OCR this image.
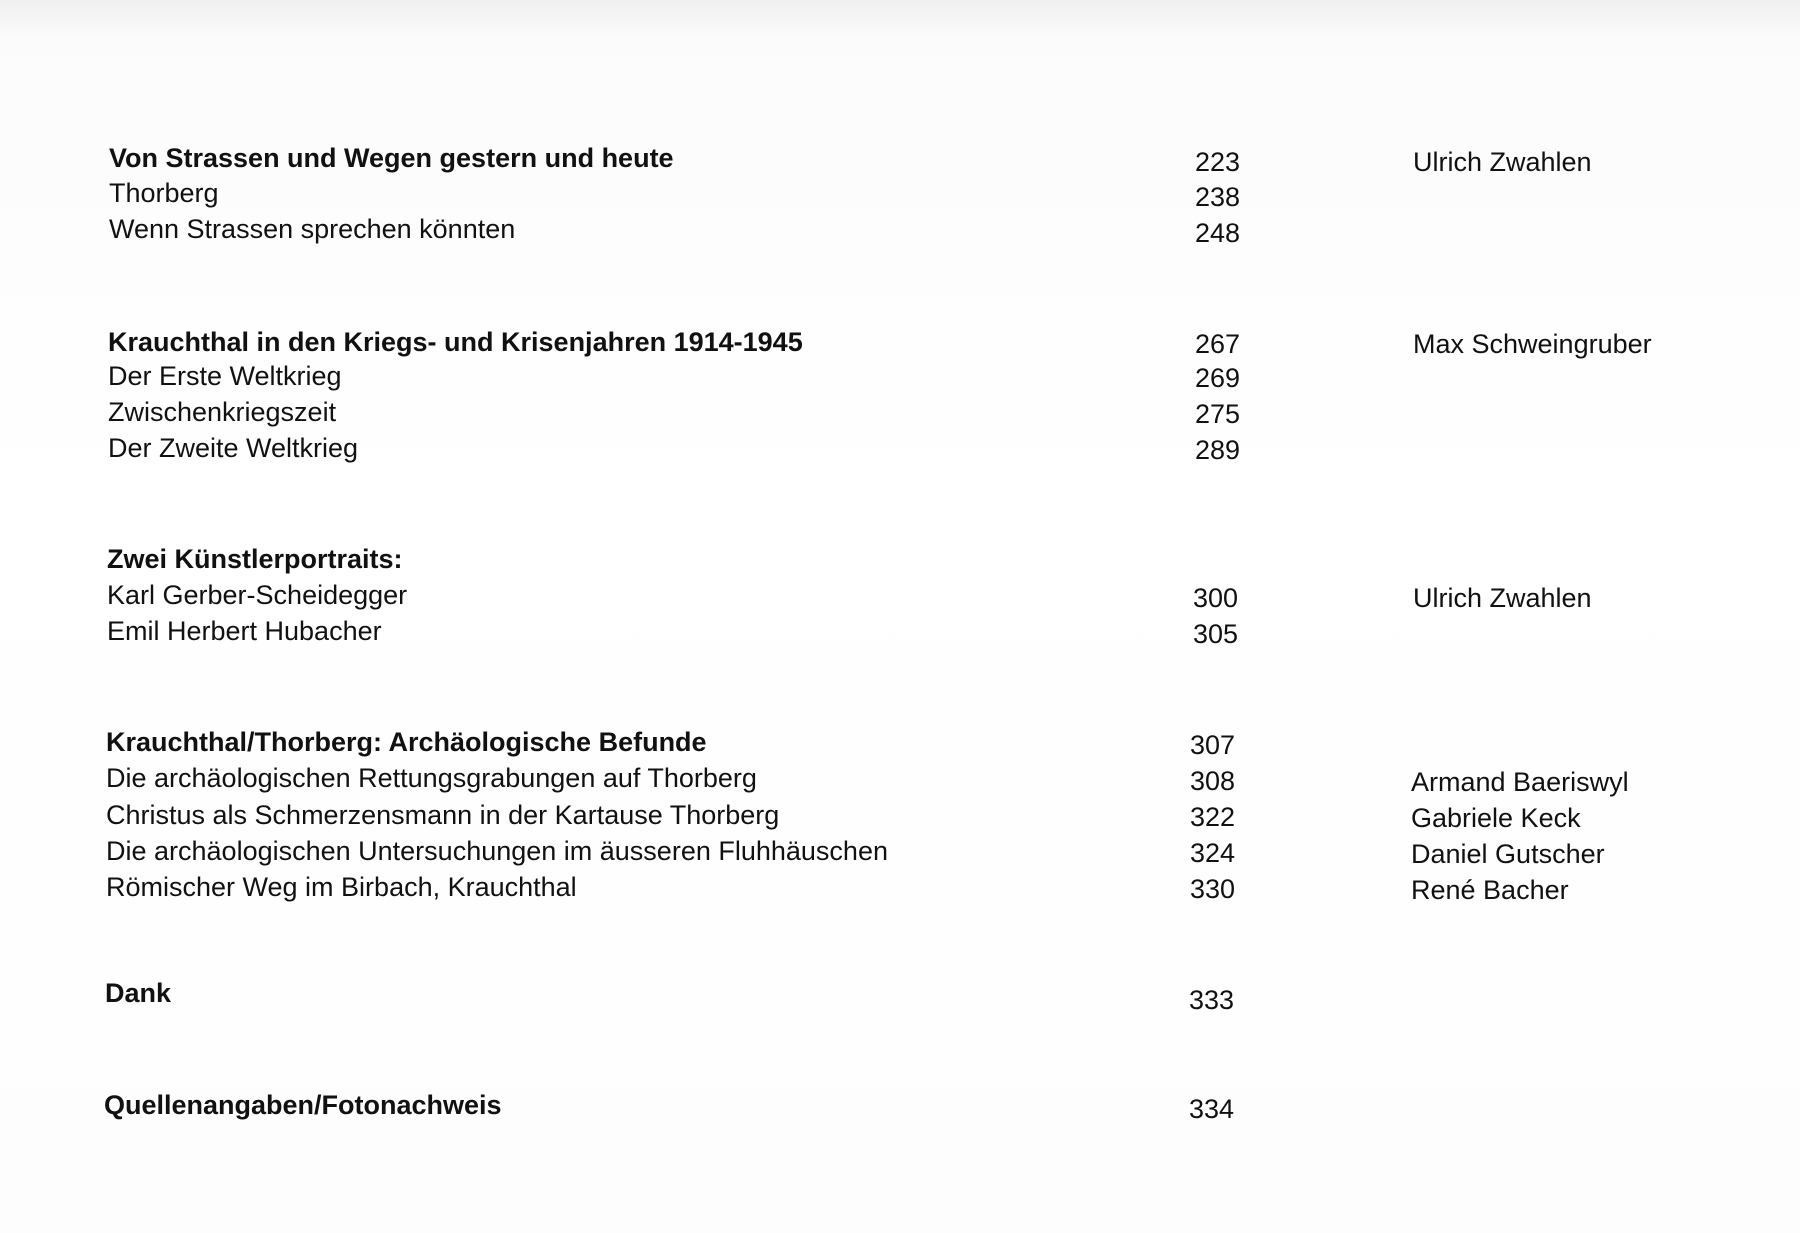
Von Strassen und Wegen gestern und heute	223	Ulrich Zwahlen
Thorberg	238
Wenn Strassen sprechen könnten	248
Krauchthal in den Kriegs- und Krisenjahren 1914-1945	267	Max Schweingruber
Der Erste Weltkrieg	269
Zwischenkriegszeit	275
Der Zweite Weltkrieg	289
Zwei Künstlerportraits:
Karl Gerber-Scheidegger	300	Ulrich Zwahlen
Emil Herbert Hubacher	305
Krauchthal/Thorberg: Archäologische Befunde	307
Die archäologischen Rettungsgrabungen auf Thorberg	308	Armand Baeriswyl
Christus als Schmerzensmann in der Kartause Thorberg	322	Gabriele Keck
Die archäologischen Untersuchungen im äusseren Fluhhäuschen	324	Daniel Gutscher
Römischer Weg im Birbach, Krauchthal	330	René Bacher
Dank	333
Quellenangaben/Fotonachweis	334
